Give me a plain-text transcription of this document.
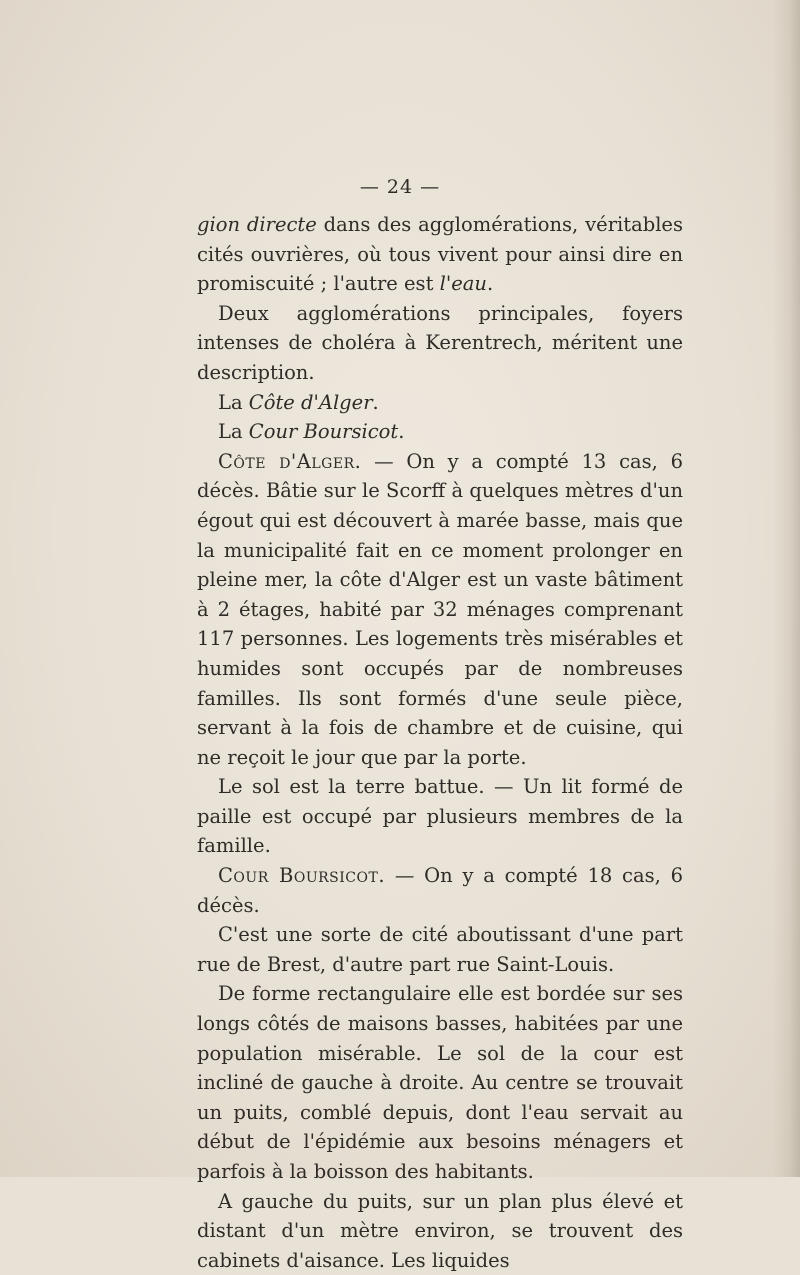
— 24 —

gion directe dans des agglomérations, véritables cités ouvrières, où tous vivent pour ainsi dire en promiscuité ; l'autre est l'eau.

Deux agglomérations principales, foyers intenses de choléra à Kerentrech, méritent une description.

La Côte d'Alger.

La Cour Boursicot.

Côte d'Alger. — On y a compté 13 cas, 6 décès. Bâtie sur le Scorff à quelques mètres d'un égout qui est découvert à marée basse, mais que la municipalité fait en ce moment prolonger en pleine mer, la côte d'Alger est un vaste bâtiment à 2 étages, habité par 32 ménages comprenant 117 personnes. Les logements très misérables et humides sont occupés par de nombreuses familles. Ils sont formés d'une seule pièce, servant à la fois de chambre et de cuisine, qui ne reçoit le jour que par la porte.

Le sol est la terre battue. — Un lit formé de paille est occupé par plusieurs membres de la famille.

Cour Boursicot. — On y a compté 18 cas, 6 décès.

C'est une sorte de cité aboutissant d'une part rue de Brest, d'autre part rue Saint-Louis.

De forme rectangulaire elle est bordée sur ses longs côtés de maisons basses, habitées par une population misérable. Le sol de la cour est incliné de gauche à droite. Au centre se trouvait un puits, comblé depuis, dont l'eau servait au début de l'épidémie aux besoins ménagers et parfois à la boisson des habitants.

A gauche du puits, sur un plan plus élevé et distant d'un mètre environ, se trouvent des cabinets d'aisance. Les liquides
